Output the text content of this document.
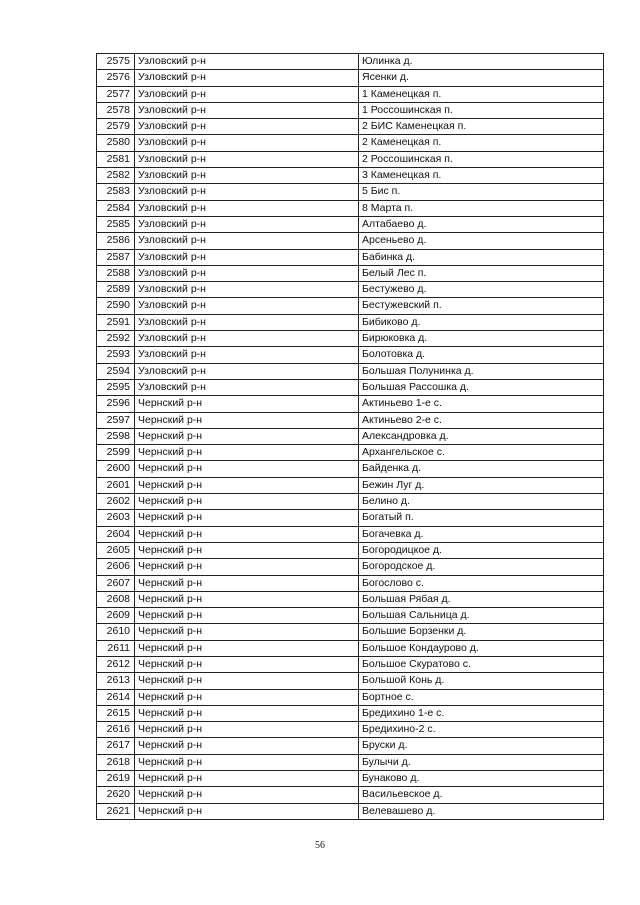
2575	Узловский р-н	Юлинка д.
2576	Узловский р-н	Ясенки д.
2577	Узловский р-н	1 Каменецкая п.
2578	Узловский р-н	1 Россошинская п.
2579	Узловский р-н	2 БИС Каменецкая п.
2580	Узловский р-н	2 Каменецкая п.
2581	Узловский р-н	2 Россошинская п.
2582	Узловский р-н	3 Каменецкая п.
2583	Узловский р-н	5 Бис п.
2584	Узловский р-н	8 Марта п.
2585	Узловский р-н	Алтабаево д.
2586	Узловский р-н	Арсеньево д.
2587	Узловский р-н	Бабинка д.
2588	Узловский р-н	Белый Лес п.
2589	Узловский р-н	Бестужево д.
2590	Узловский р-н	Бестужевский п.
2591	Узловский р-н	Бибиково д.
2592	Узловский р-н	Бирюковка д.
2593	Узловский р-н	Болотовка д.
2594	Узловский р-н	Большая Полунинка д.
2595	Узловский р-н	Большая Рассошка д.
2596	Чернский р-н	Актиньево 1-е с.
2597	Чернский р-н	Актиньево 2-е с.
2598	Чернский р-н	Александровка д.
2599	Чернский р-н	Архангельское с.
2600	Чернский р-н	Байденка д.
2601	Чернский р-н	Бежин Луг д.
2602	Чернский р-н	Белино д.
2603	Чернский р-н	Богатый п.
2604	Чернский р-н	Богачевка д.
2605	Чернский р-н	Богородицкое д.
2606	Чернский р-н	Богородское д.
2607	Чернский р-н	Богослово с.
2608	Чернский р-н	Большая Рябая д.
2609	Чернский р-н	Большая Сальница д.
2610	Чернский р-н	Большие Борзенки д.
2611	Чернский р-н	Большое Кондаурово д.
2612	Чернский р-н	Большое Скуратово с.
2613	Чернский р-н	Большой Конь д.
2614	Чернский р-н	Бортное с.
2615	Чернский р-н	Бредихино 1-е с.
2616	Чернский р-н	Бредихино-2 с.
2617	Чернский р-н	Бруски д.
2618	Чернский р-н	Булычи д.
2619	Чернский р-н	Бунаково д.
2620	Чернский р-н	Васильевское д.
2621	Чернский р-н	Велевашево д.
56
